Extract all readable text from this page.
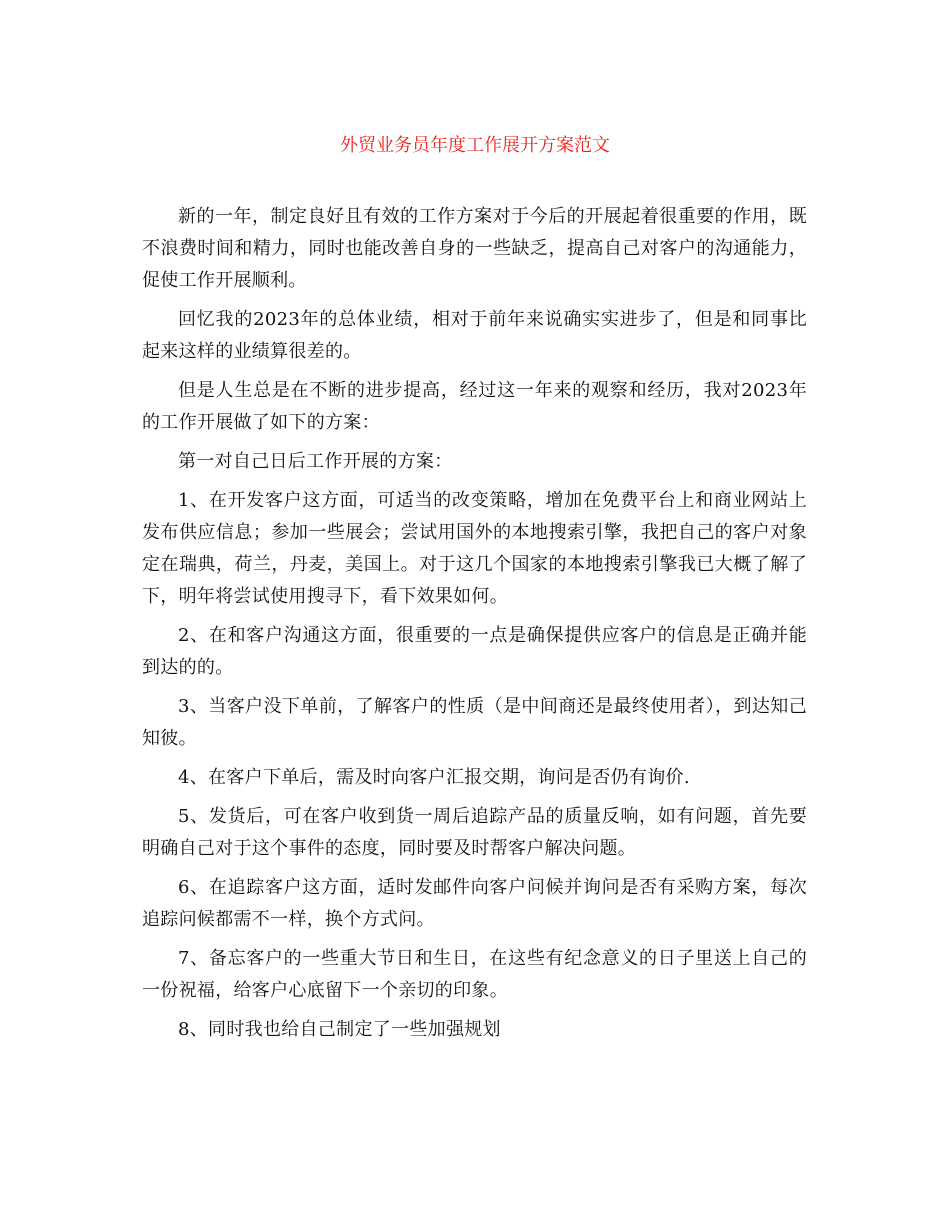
外贸业务员年度工作展开方案范文

新的一年，制定良好且有效的工作方案对于今后的开展起着很重要的作用，既不浪费时间和精力，同时也能改善自身的一些缺乏，提高自己对客户的沟通能力，促使工作开展顺利。

回忆我的2023年的总体业绩，相对于前年来说确实实进步了，但是和同事比起来这样的业绩算很差的。

但是人生总是在不断的进步提高，经过这一年来的观察和经历，我对2023年的工作开展做了如下的方案：

第一对自己日后工作开展的方案：

1、在开发客户这方面，可适当的改变策略，增加在免费平台上和商业网站上发布供应信息；参加一些展会；尝试用国外的本地搜索引擎，我把自己的客户对象定在瑞典，荷兰，丹麦，美国上。对于这几个国家的本地搜索引擎我已大概了解了下，明年将尝试使用搜寻下，看下效果如何。

2、在和客户沟通这方面，很重要的一点是确保提供应客户的信息是正确并能到达的的。

3、当客户没下单前，了解客户的性质（是中间商还是最终使用者），到达知己知彼。

4、在客户下单后，需及时向客户汇报交期，询问是否仍有询价.

5、发货后，可在客户收到货一周后追踪产品的质量反响，如有问题，首先要明确自己对于这个事件的态度，同时要及时帮客户解决问题。

6、在追踪客户这方面，适时发邮件向客户问候并询问是否有采购方案，每次追踪问候都需不一样，换个方式问。

7、备忘客户的一些重大节日和生日，在这些有纪念意义的日子里送上自己的一份祝福，给客户心底留下一个亲切的印象。

8、同时我也给自己制定了一些加强规划
